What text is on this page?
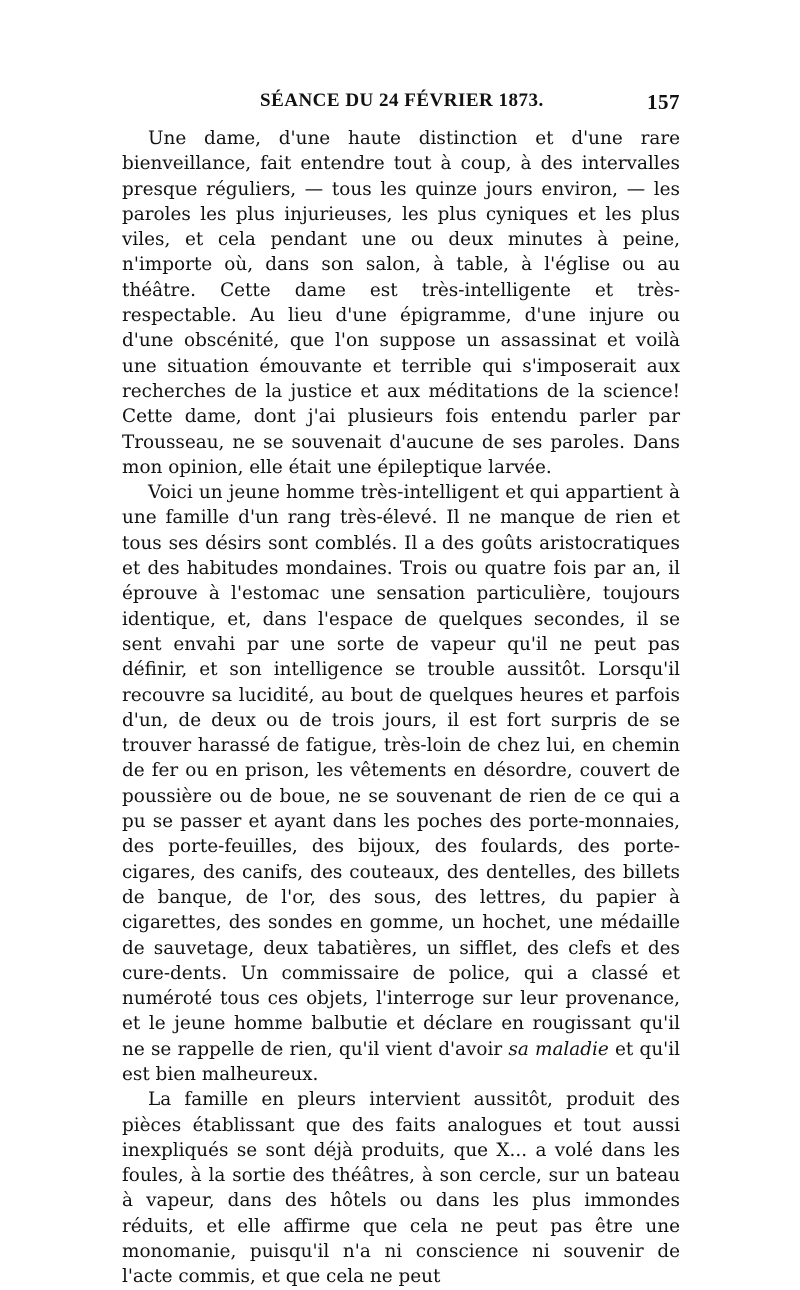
SÉANCE DU 24 FÉVRIER 1873.	157

Une dame, d'une haute distinction et d'une rare bienveillance, fait entendre tout à coup, à des intervalles presque réguliers, — tous les quinze jours environ, — les paroles les plus injurieuses, les plus cyniques et les plus viles, et cela pendant une ou deux minutes à peine, n'importe où, dans son salon, à table, à l'église ou au théâtre. Cette dame est très-intelligente et très-respectable. Au lieu d'une épigramme, d'une injure ou d'une obscénité, que l'on suppose un assassinat et voilà une situation émouvante et terrible qui s'imposerait aux recherches de la justice et aux méditations de la science! Cette dame, dont j'ai plusieurs fois entendu parler par Trousseau, ne se souvenait d'aucune de ses paroles. Dans mon opinion, elle était une épileptique larvée.

Voici un jeune homme très-intelligent et qui appartient à une famille d'un rang très-élevé. Il ne manque de rien et tous ses désirs sont comblés. Il a des goûts aristocratiques et des habitudes mondaines. Trois ou quatre fois par an, il éprouve à l'estomac une sensation particulière, toujours identique, et, dans l'espace de quelques secondes, il se sent envahi par une sorte de vapeur qu'il ne peut pas définir, et son intelligence se trouble aussitôt. Lorsqu'il recouvre sa lucidité, au bout de quelques heures et parfois d'un, de deux ou de trois jours, il est fort surpris de se trouver harassé de fatigue, très-loin de chez lui, en chemin de fer ou en prison, les vêtements en désordre, couvert de poussière ou de boue, ne se souvenant de rien de ce qui a pu se passer et ayant dans les poches des porte-monnaies, des porte-feuilles, des bijoux, des foulards, des porte-cigares, des canifs, des couteaux, des dentelles, des billets de banque, de l'or, des sous, des lettres, du papier à cigarettes, des sondes en gomme, un hochet, une médaille de sauvetage, deux tabatières, un sifflet, des clefs et des cure-dents. Un commissaire de police, qui a classé et numéroté tous ces objets, l'interroge sur leur provenance, et le jeune homme balbutie et déclare en rougissant qu'il ne se rappelle de rien, qu'il vient d'avoir sa maladie et qu'il est bien malheureux.

La famille en pleurs intervient aussitôt, produit des pièces établissant que des faits analogues et tout aussi inexpliqués se sont déjà produits, que X... a volé dans les foules, à la sortie des théâtres, à son cercle, sur un bateau à vapeur, dans des hôtels ou dans les plus immondes réduits, et elle affirme que cela ne peut pas être une monomanie, puisqu'il n'a ni conscience ni souvenir de l'acte commis, et que cela ne peut
